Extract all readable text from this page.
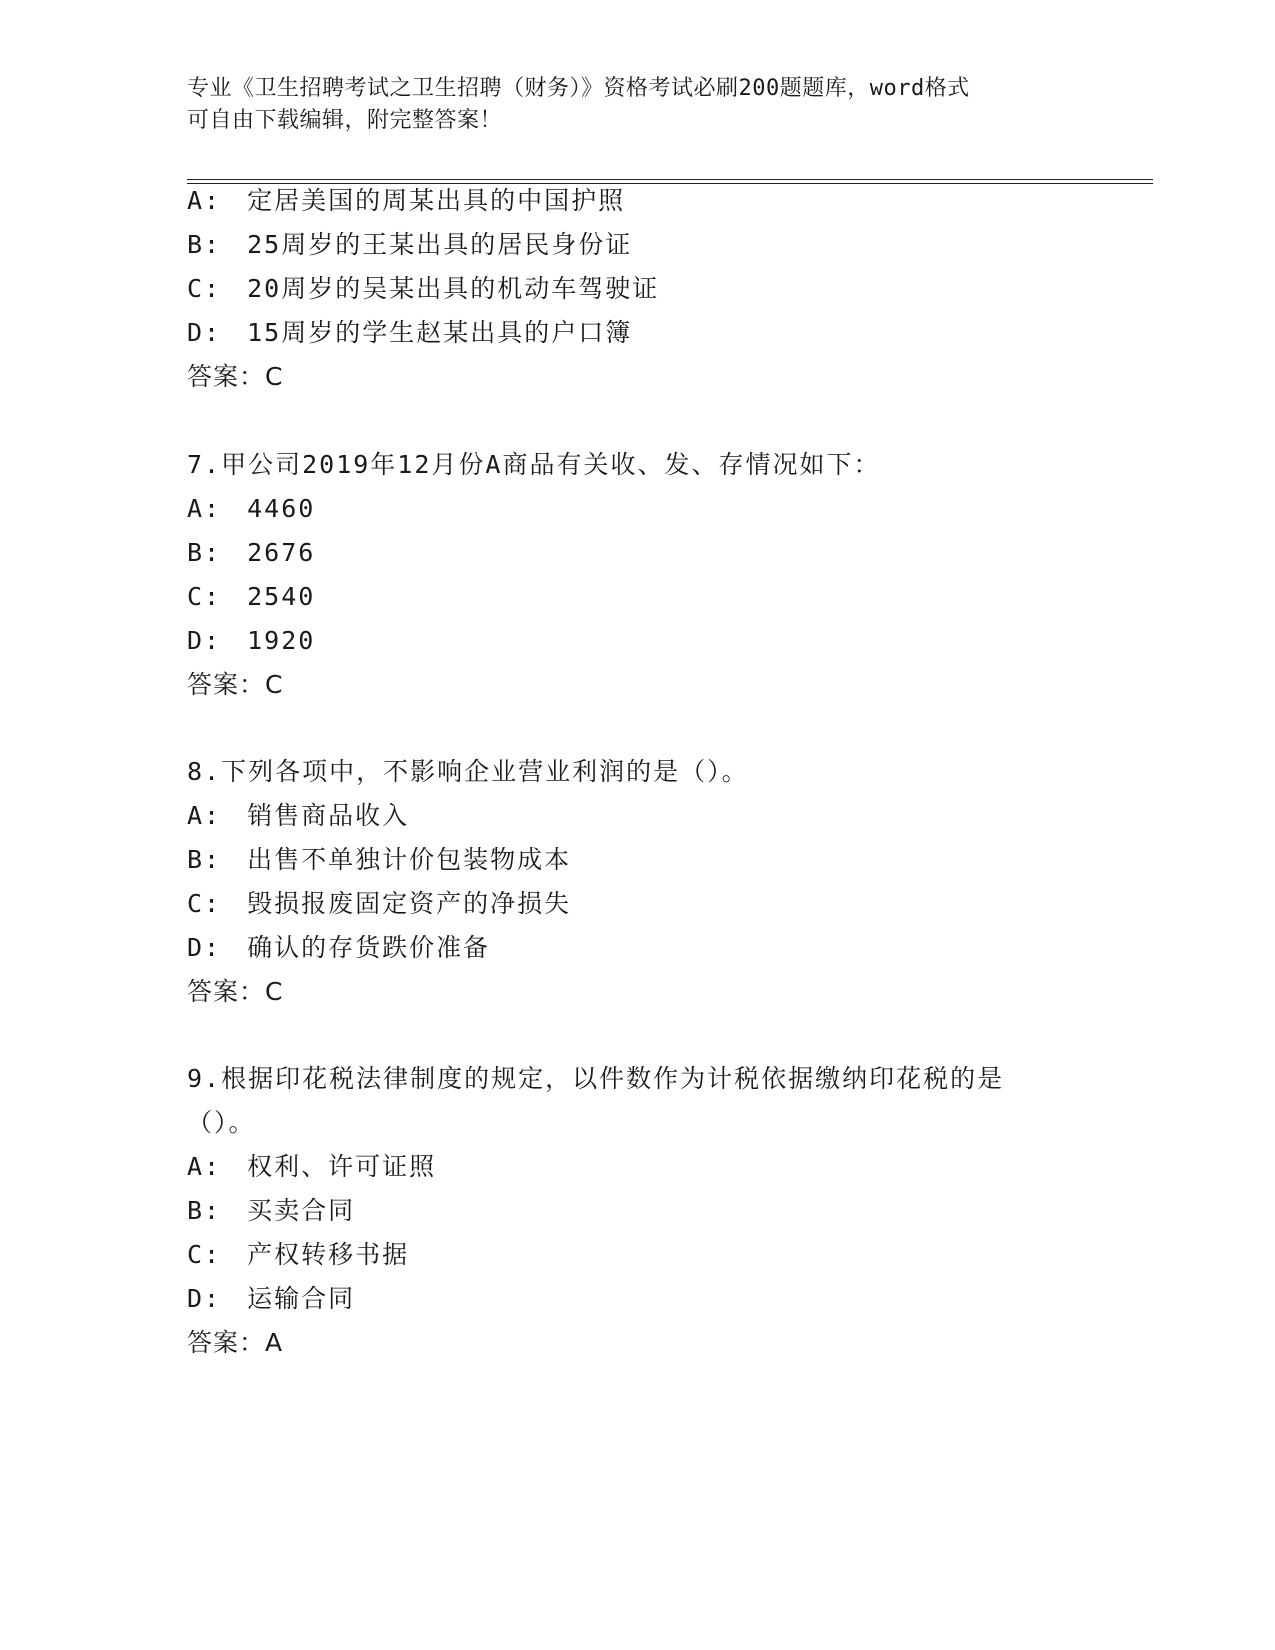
专业《卫生招聘考试之卫生招聘（财务）》资格考试必刷200题题库，word格式
可自由下载编辑，附完整答案！
A: 定居美国的周某出具的中国护照
B: 25周岁的王某出具的居民身份证
C: 20周岁的吴某出具的机动车驾驶证
D: 15周岁的学生赵某出具的户口簿
答案：C
7.甲公司2019年12月份A商品有关收、发、存情况如下：
A: 4460
B: 2676
C: 2540
D: 1920
答案：C
8.下列各项中，不影响企业营业利润的是（）。
A: 销售商品收入
B: 出售不单独计价包装物成本
C: 毁损报废固定资产的净损失
D: 确认的存货跌价准备
答案：C
9.根据印花税法律制度的规定，以件数作为计税依据缴纳印花税的是
（）。
A: 权利、许可证照
B: 买卖合同
C: 产权转移书据
D: 运输合同
答案：A
